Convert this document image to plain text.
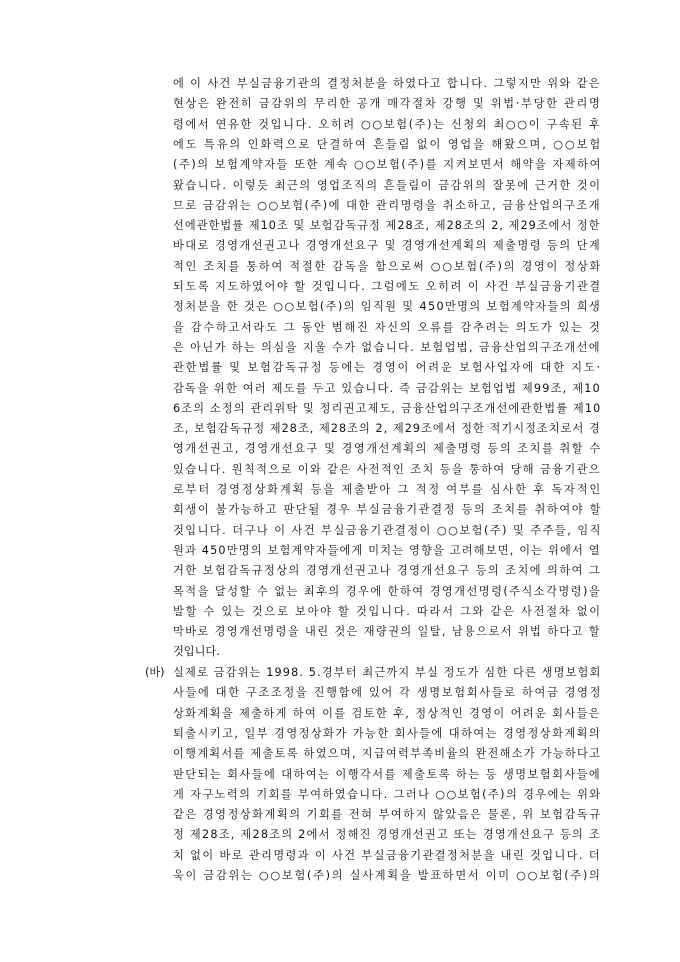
에 이 사건 부실금융기관의 결정처분을 하였다고 합니다. 그렇지만 위와 같은
현상은 완전히 금감위의 무리한 공개 매각절차 강행 및 위법·부당한 관리명
령에서 연유한 것입니다. 오히려 ○○보험(주)는 신청외 최○○이 구속된 후
에도 특유의 인화력으로 단결하여 흔들림 없이 영업을 해왔으며, ○○보험
(주)의 보험계약자들 또한 계속 ○○보험(주)를 지켜보면서 해약을 자제하여
왔습니다. 이렇듯 최근의 영업조직의 흔들림이 금감위의 잘못에 근거한 것이
므로 금감위는 ○○보험(주)에 대한 관리명령을 취소하고, 금융산업의구조개
선에관한법률 제10조 및 보험감독규정 제28조, 제28조의 2, 제29조에서 정한
바대로 경영개선권고나 경영개선요구 및 경영개선계획의 제출명령 등의 단계
적인 조치를 통하여 적절한 감독을 함으로써 ○○보험(주)의 경영이 정상화
되도록 지도하였어야 할 것입니다. 그럼에도 오히려 이 사건 부실금융기관결
정처분을 한 것은 ○○보험(주)의 임직원 및 450만명의 보험계약자들의 희생
을 감수하고서라도 그 동안 범해진 자신의 오류를 감추려는 의도가 있는 것
은 아닌가 하는 의심을 지울 수가 없습니다. 보험업법, 금융산업의구조개선에
관한법률 및 보험감독규정 등에는 경영이 어려운 보험사업자에 대한 지도·
감독을 위한 여러 제도를 두고 있습니다. 즉 금감위는 보험업법 제99조, 제10
6조의 소정의 관리위탁 및 정리권고제도, 금융산업의구조개선에관한법률 제10
조, 보험감독규정 제28조, 제28조의 2, 제29조에서 정한 적기시정조치로서 경
영개선권고, 경영개선요구 및 경영개선계획의 제출명령 등의 조치를 취할 수
있습니다. 원칙적으로 이와 같은 사전적인 조치 등을 통하여 당해 금융기관으
로부터 경영정상화계획 등을 제출받아 그 적정 여부를 심사한 후 독자적인
회생이 불가능하고 판단될 경우 부실금융기관결정 등의 조치를 취하여야 할
것입니다. 더구나 이 사건 부실금융기관결정이 ○○보험(주) 및 주주들, 임직
원과 450만명의 보험계약자들에게 미치는 영향을 고려해보면, 이는 위에서 열
거한 보험감독규정상의 경영개선권고나 경영개선요구 등의 조치에 의하여 그
목적을 달성할 수 없는 최후의 경우에 한하여 경영개선명령(주식소각명령)을
발할 수 있는 것으로 보아야 할 것입니다. 따라서 그와 같은 사전절차 없이
막바로 경영개선명령을 내린 것은 재량권의 일탈, 남용으로서 위법 하다고 할
것입니다.
(바) 실제로 금감위는 1998. 5.경부터 최근까지 부실 정도가 심한 다른 생명보험회
사들에 대한 구조조정을 진행함에 있어 각 생명보험회사들로 하여금 경영정
상화계획을 제출하게 하여 이를 검토한 후, 정상적인 경영이 어려운 회사들은
퇴출시키고, 일부 경영정상화가 가능한 회사들에 대하여는 경영정상화계획의
이행계획서를 제출토록 하였으며, 지급여력부족비율의 완전해소가 가능하다고
판단되는 회사들에 대하여는 이행각서를 제출토록 하는 등 생명보험회사들에
게 자구노력의 기회를 부여하였습니다. 그러나 ○○보험(주)의 경우에는 위와
같은 경영정상화계획의 기회를 전혀 부여하지 않았음은 물론, 위 보험감독규
정 제28조, 제28조의 2에서 정해진 경영개선권고 또는 경영개선요구 등의 조
치 없이 바로 관리명령과 이 사건 부실금융기관결정처분을 내린 것입니다. 더
욱이 금감위는 ○○보험(주)의 실사계획을 발표하면서 이미 ○○보험(주)의
